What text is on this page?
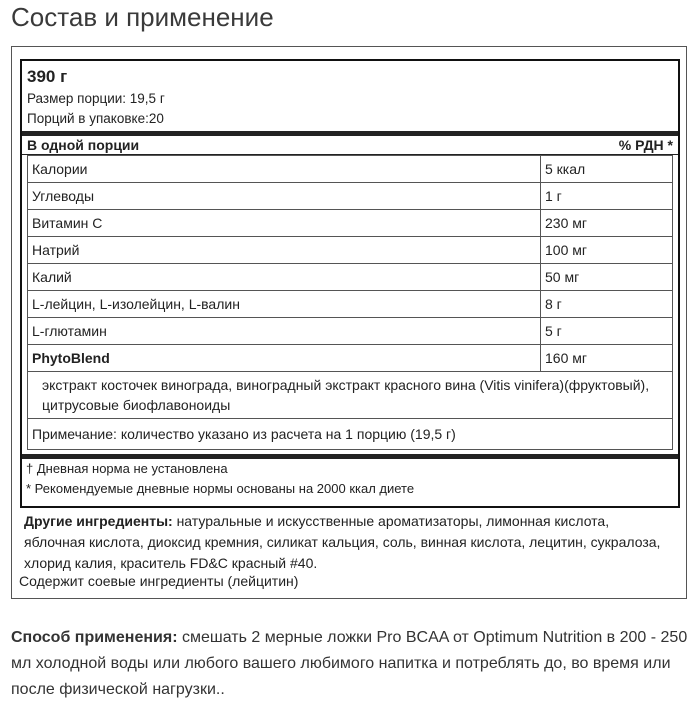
Состав и применение
390 г
Размер порции: 19,5 г
Порций в упаковке:20
В одной порции	% РДН *
Калории	5 ккал
Углеводы	1 г
Витамин C	230 мг
Натрий	100 мг
Калий	50 мг
L-лейцин, L-изолейцин, L-валин	8 г
L-глютамин	5 г
PhytoBlend	160 мг
экстракт косточек винограда, виноградный экстракт красного вина (Vitis vinifera)(фруктовый), цитрусовые биофлавоноиды
Примечание: количество указано из расчета на 1 порцию (19,5 г)
† Дневная норма не установлена
* Рекомендуемые дневные нормы основаны на 2000 ккал диете
Другие ингредиенты: натуральные и искусственные ароматизаторы, лимонная кислота, яблочная кислота, диоксид кремния, силикат кальция, соль, винная кислота, лецитин, сукралоза, хлорид калия, краситель FD&C красный #40.
Содержит соевые ингредиенты (лейцитин)
Способ применения: смешать 2 мерные ложки Pro BCAA от Optimum Nutrition в 200 - 250 мл холодной воды или любого вашего любимого напитка и потреблять до, во время или после физической нагрузки..
